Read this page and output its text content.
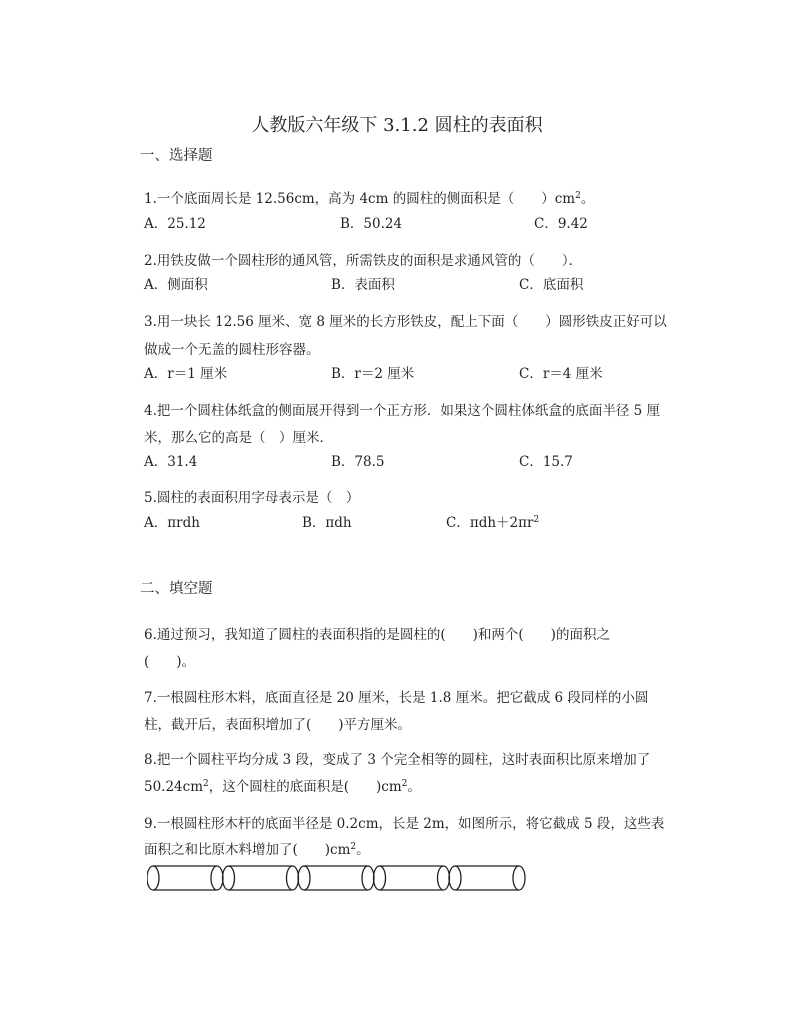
人教版六年级下 3.1.2 圆柱的表面积
一、选择题
1.一个底面周长是 12.56cm，高为 4cm 的圆柱的侧面积是（　　）$cm^2$。
A．25.12	B．50.24	C．9.42
2.用铁皮做一个圆柱形的通风管，所需铁皮的面积是求通风管的（　　）．
A．侧面积	B．表面积	C．底面积
3.用一块长 12.56 厘米、宽 8 厘米的长方形铁皮，配上下面（　　）圆形铁皮正好可以
做成一个无盖的圆柱形容器。
A．r＝1 厘米	B．r＝2 厘米	C．r＝4 厘米
4.把一个圆柱体纸盒的侧面展开得到一个正方形．如果这个圆柱体纸盒的底面半径 5 厘
米，那么它的高是（　）厘米．
A．31.4	B．78.5	C．15.7
5.圆柱的表面积用字母表示是（　）
A．πrdh	B．πdh	C．$\pi dh+2\pi r^2$
二、填空题
6.通过预习，我知道了圆柱的表面积指的是圆柱的(　　)和两个(　　)的面积之
(　　)。
7.一根圆柱形木料，底面直径是 20 厘米，长是 1.8 厘米。把它截成 6 段同样的小圆
柱，截开后，表面积增加了(　　)平方厘米。
8.把一个圆柱平均分成 3 段，变成了 3 个完全相等的圆柱，这时表面积比原来增加了
$50.24cm^2$，这个圆柱的底面积是(　　)$cm^2$。
9.一根圆柱形木杆的底面半径是 0.2cm，长是 2m，如图所示，将它截成 5 段，这些表
面积之和比原木料增加了(　　)$cm^2$。
